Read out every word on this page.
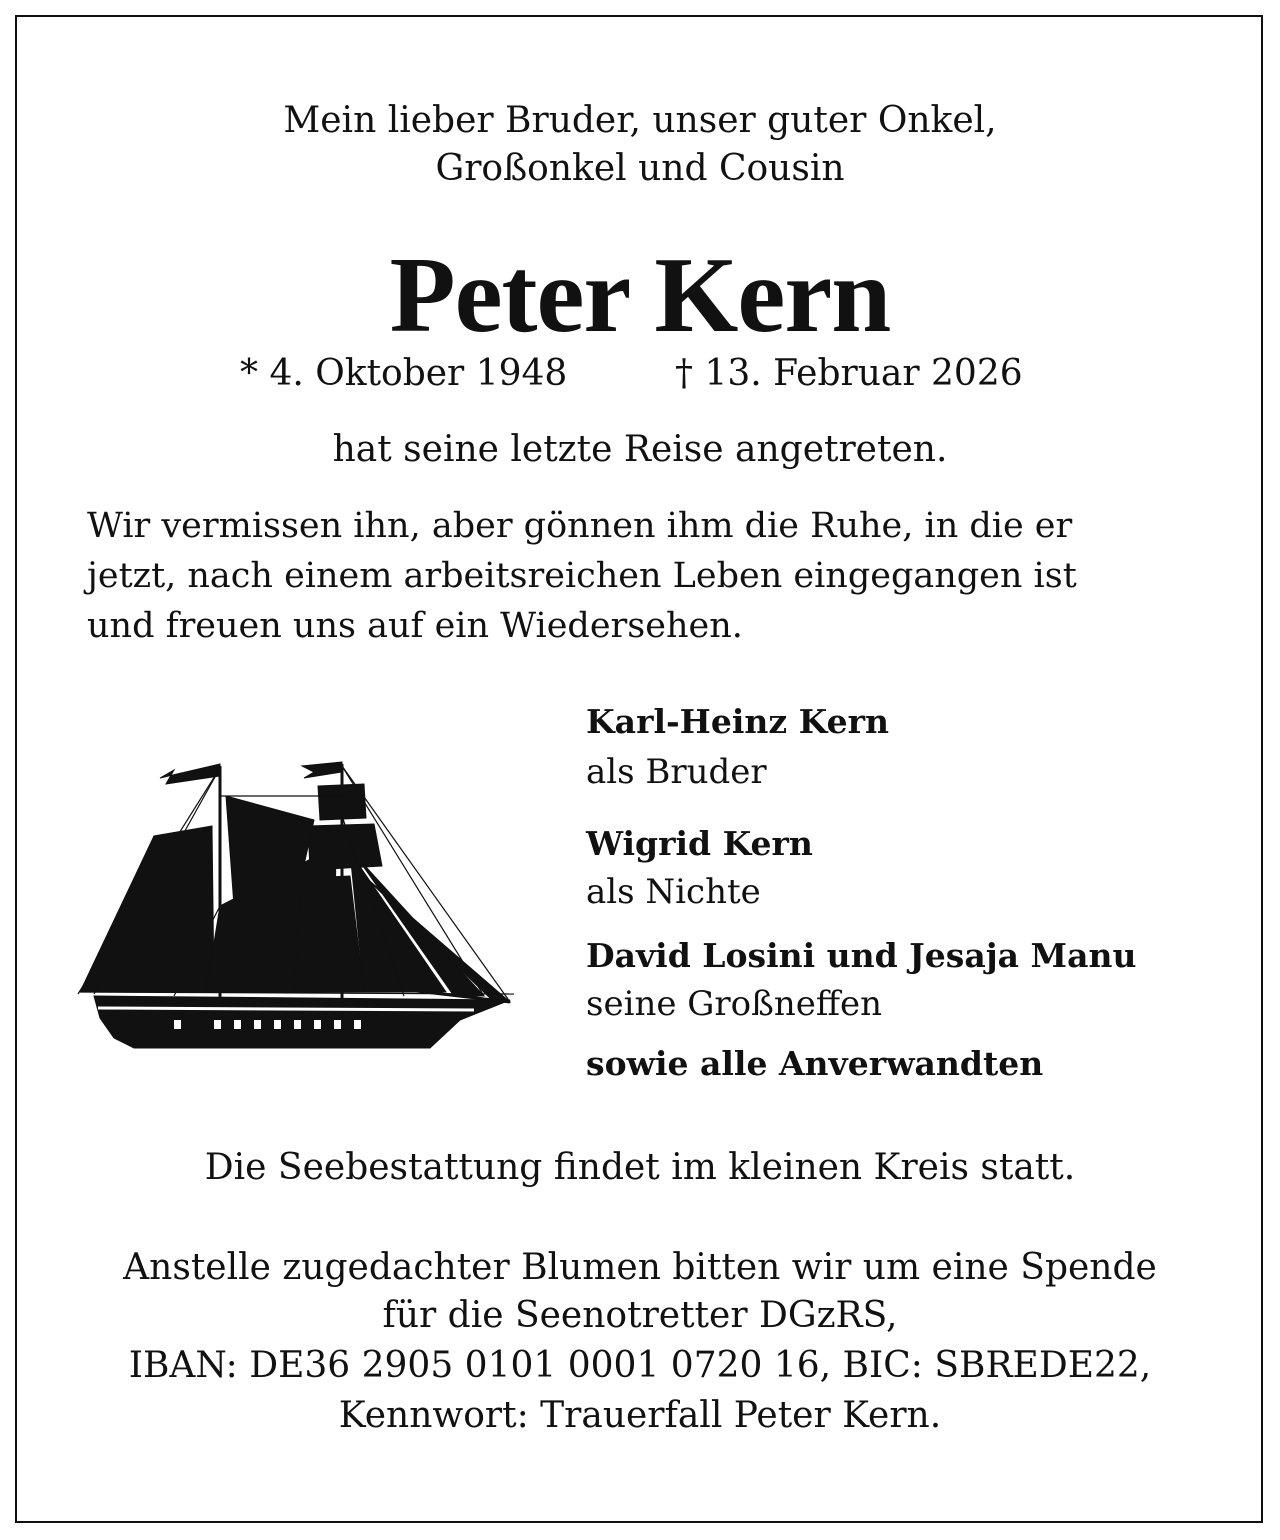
Mein lieber Bruder, unser guter Onkel,
Großonkel und Cousin
Peter Kern
* 4. Oktober 1948	† 13. Februar 2026
hat seine letzte Reise angetreten.
Wir vermissen ihn, aber gönnen ihm die Ruhe, in die er
jetzt, nach einem arbeitsreichen Leben eingegangen ist
und freuen uns auf ein Wiedersehen.
Karl-Heinz Kern
als Bruder
Wigrid Kern
als Nichte
David Losini und Jesaja Manu
seine Großneffen
sowie alle Anverwandten
Die Seebestattung findet im kleinen Kreis statt.
Anstelle zugedachter Blumen bitten wir um eine Spende
für die Seenotretter DGzRS,
IBAN: DE36 2905 0101 0001 0720 16, BIC: SBREDE22,
Kennwort: Trauerfall Peter Kern.
